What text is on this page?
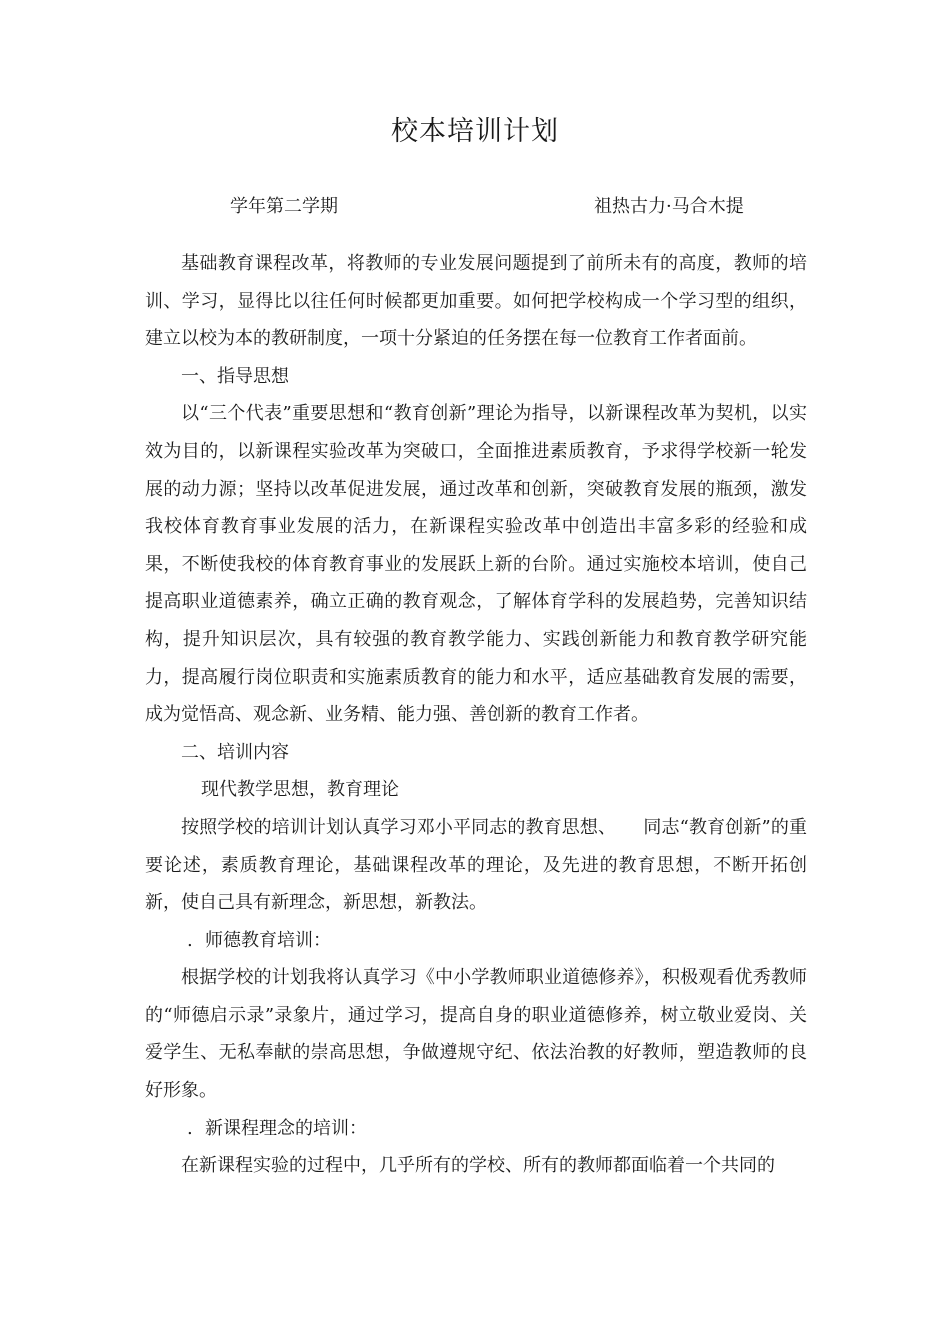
校本培训计划
学年第二学期	祖热古力·马合木提

基础教育课程改革，将教师的专业发展问题提到了前所未有的高度，教师的培训、学习，显得比以往任何时候都更加重要。如何把学校构成一个学习型的组织，建立以校为本的教研制度，一项十分紧迫的任务摆在每一位教育工作者面前。

一、指导思想

以“三个代表”重要思想和“教育创新”理论为指导，以新课程改革为契机，以实效为目的，以新课程实验改革为突破口，全面推进素质教育，予求得学校新一轮发展的动力源；坚持以改革促进发展，通过改革和创新，突破教育发展的瓶颈，激发我校体育教育事业发展的活力，在新课程实验改革中创造出丰富多彩的经验和成果，不断使我校的体育教育事业的发展跃上新的台阶。通过实施校本培训，使自己提高职业道德素养，确立正确的教育观念，了解体育学科的发展趋势，完善知识结构，提升知识层次，具有较强的教育教学能力、实践创新能力和教育教学研究能力，提高履行岗位职责和实施素质教育的能力和水平，适应基础教育发展的需要，成为觉悟高、观念新、业务精、能力强、善创新的教育工作者。

二、培训内容

现代教学思想，教育理论

按照学校的培训计划认真学习邓小平同志的教育思想、　　同志“教育创新”的重要论述，素质教育理论，基础课程改革的理论，及先进的教育思想，不断开拓创新，使自己具有新理念，新思想，新教法。

. 师德教育培训：

根据学校的计划我将认真学习《中小学教师职业道德修养》，积极观看优秀教师的“师德启示录”录象片，通过学习，提高自身的职业道德修养，树立敬业爱岗、关爱学生、无私奉献的崇高思想，争做遵规守纪、依法治教的好教师，塑造教师的良好形象。

. 新课程理念的培训：

在新课程实验的过程中，几乎所有的学校、所有的教师都面临着一个共同的
